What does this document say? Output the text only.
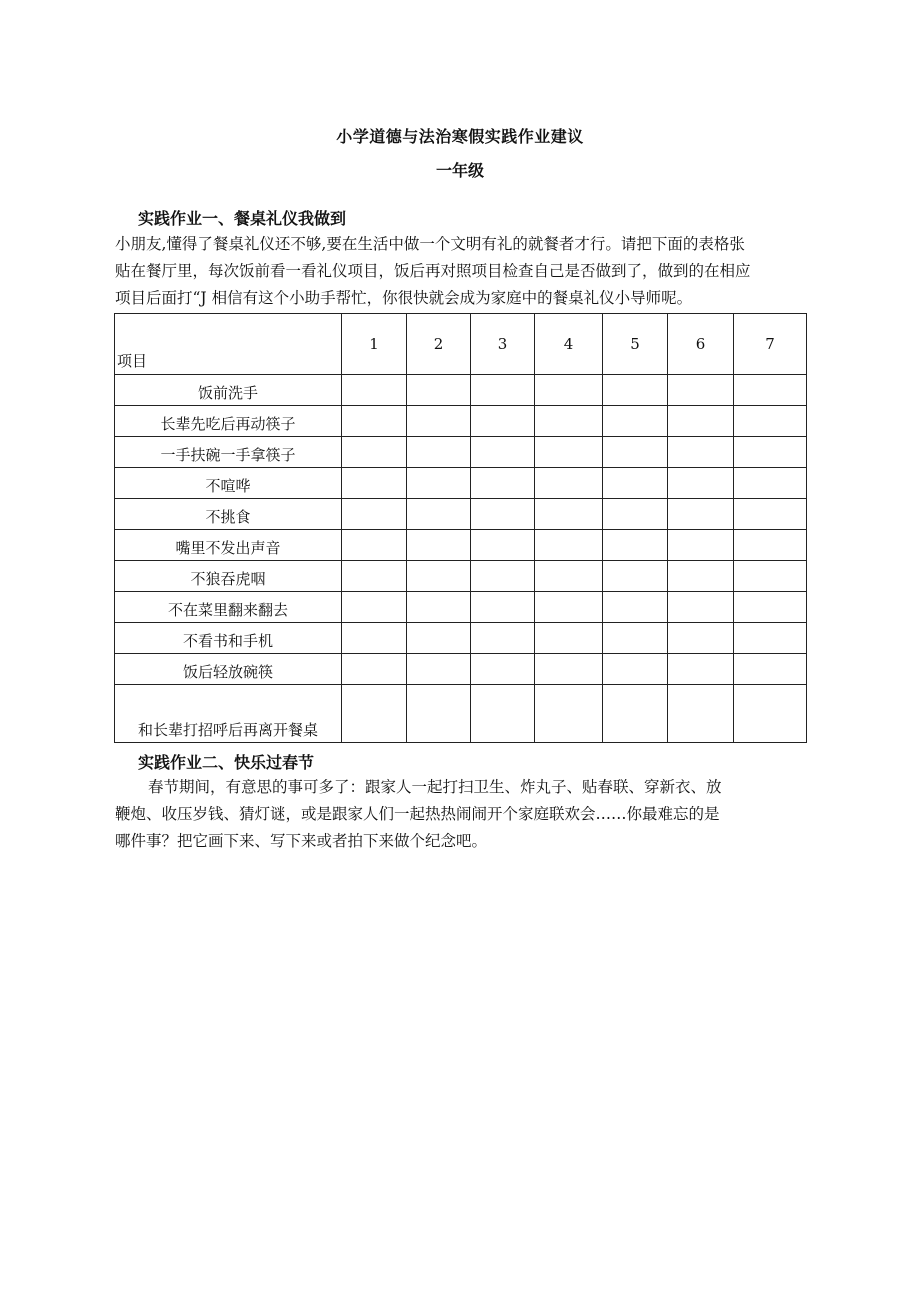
小学道德与法治寒假实践作业建议
一年级
实践作业一、餐桌礼仪我做到
小朋友,懂得了餐桌礼仪还不够,要在生活中做一个文明有礼的就餐者才行。请把下面的表格张
贴在餐厅里，每次饭前看一看礼仪项目，饭后再对照项目检查自己是否做到了，做到的在相应
项目后面打“J 相信有这个小助手帮忙，你很快就会成为家庭中的餐桌礼仪小导师呢。
项目	1	2	3	4	5	6	7
饭前洗手							
长辈先吃后再动筷子							
一手扶碗一手拿筷子							
不喧哗							
不挑食							
嘴里不发出声音							
不狼吞虎咽							
不在菜里翻来翻去							
不看书和手机							
饭后轻放碗筷							
和长辈打招呼后再离开餐桌							
实践作业二、快乐过春节
春节期间，有意思的事可多了：跟家人一起打扫卫生、炸丸子、贴春联、穿新衣、放
鞭炮、收压岁钱、猜灯谜，或是跟家人们一起热热闹闹开个家庭联欢会……你最难忘的是
哪件事？把它画下来、写下来或者拍下来做个纪念吧。
